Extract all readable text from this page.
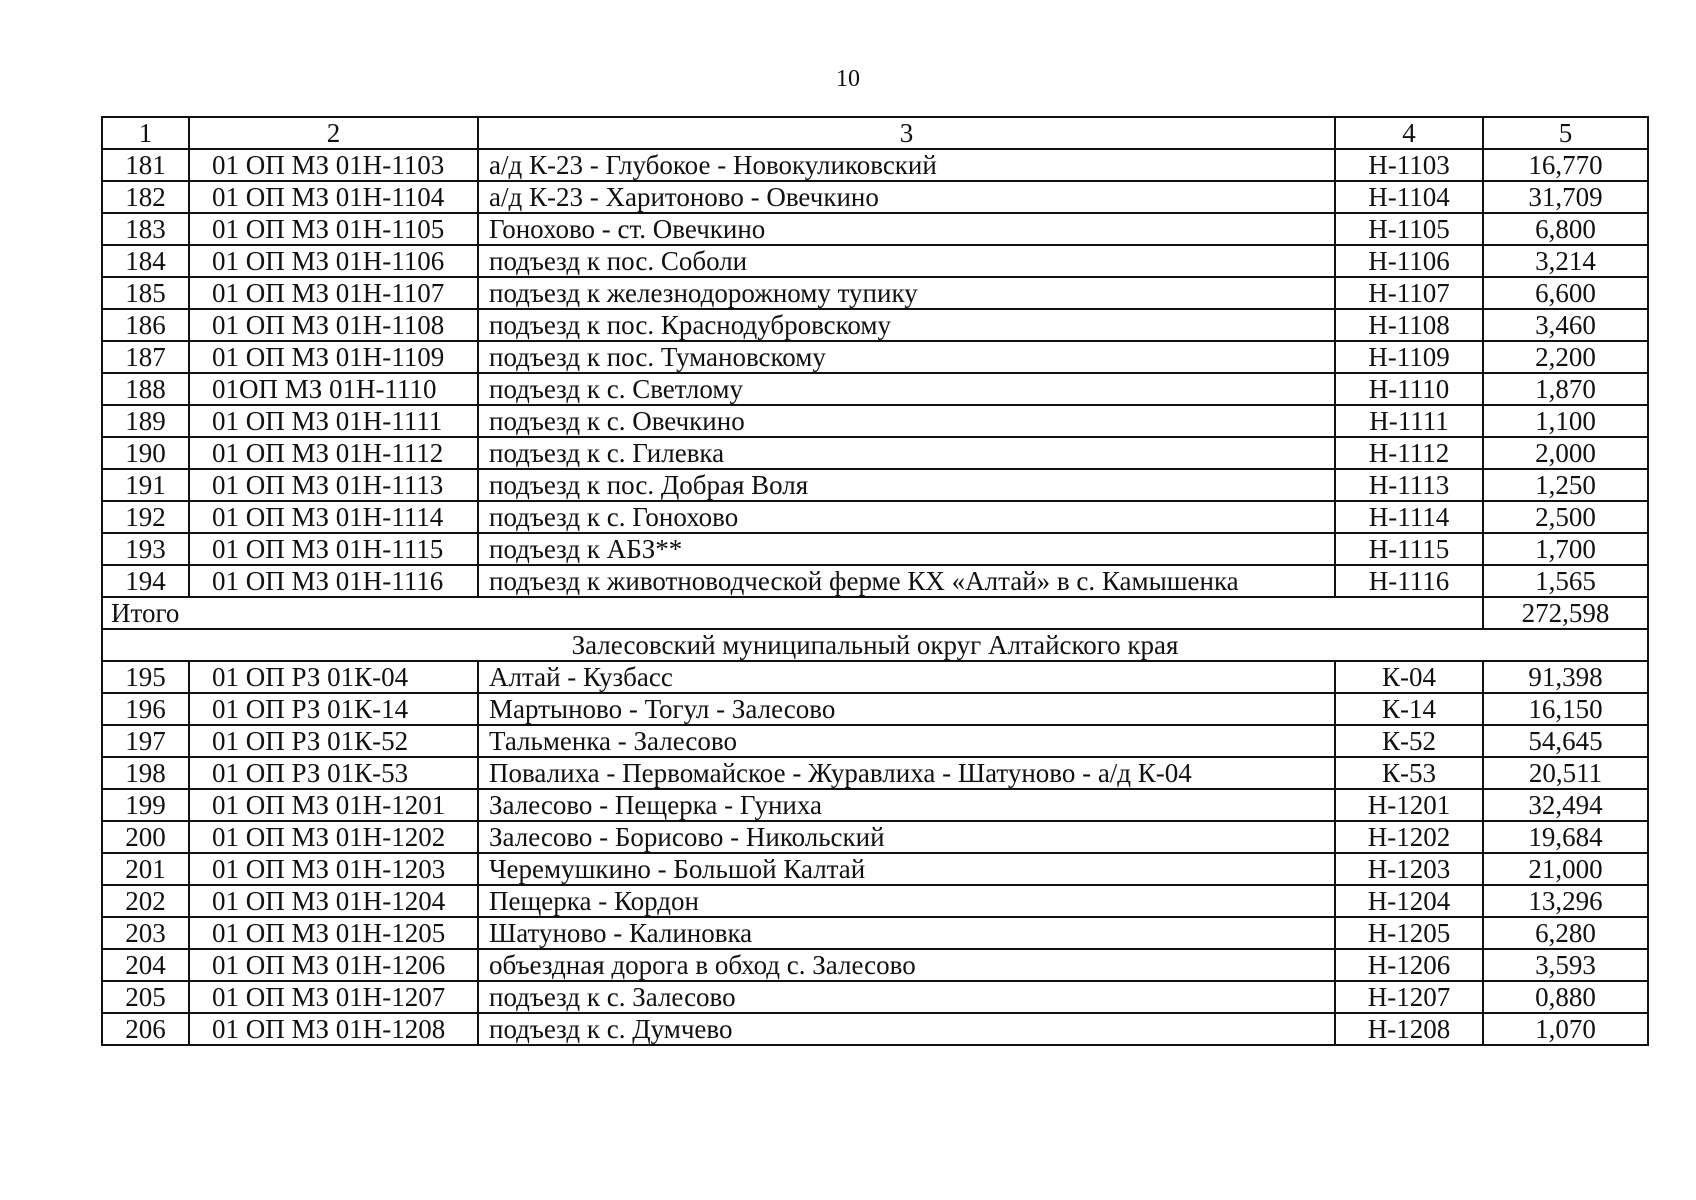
10
1	2	3	4	5
181	01 ОП МЗ 01Н-1103	а/д К-23 - Глубокое - Новокуликовский	Н-1103	16,770
182	01 ОП МЗ 01Н-1104	а/д К-23 - Харитоново - Овечкино	Н-1104	31,709
183	01 ОП МЗ 01Н-1105	Гонохово - ст. Овечкино	Н-1105	6,800
184	01 ОП МЗ 01Н-1106	подъезд к пос. Соболи	Н-1106	3,214
185	01 ОП МЗ 01Н-1107	подъезд к железнодорожному тупику	Н-1107	6,600
186	01 ОП МЗ 01Н-1108	подъезд к пос. Краснодубровскому	Н-1108	3,460
187	01 ОП МЗ 01Н-1109	подъезд к пос. Тумановскому	Н-1109	2,200
188	01ОП МЗ 01Н-1110	подъезд к с. Светлому	Н-1110	1,870
189	01 ОП МЗ 01Н-1111	подъезд к с. Овечкино	Н-1111	1,100
190	01 ОП МЗ 01Н-1112	подъезд к с. Гилевка	Н-1112	2,000
191	01 ОП МЗ 01Н-1113	подъезд к пос. Добрая Воля	Н-1113	1,250
192	01 ОП МЗ 01Н-1114	подъезд к с. Гонохово	Н-1114	2,500
193	01 ОП МЗ 01Н-1115	подъезд к АБЗ**	Н-1115	1,700
194	01 ОП МЗ 01Н-1116	подъезд к животноводческой ферме КХ «Алтай» в с. Камышенка	Н-1116	1,565
Итого				272,598
Залесовский муниципальный округ Алтайского края				
195	01 ОП РЗ 01К-04	Алтай - Кузбасс	К-04	91,398
196	01 ОП РЗ 01К-14	Мартыново - Тогул - Залесово	К-14	16,150
197	01 ОП РЗ 01К-52	Тальменка - Залесово	К-52	54,645
198	01 ОП РЗ 01К-53	Повалиха - Первомайское - Журавлиха - Шатуново - а/д К-04	К-53	20,511
199	01 ОП МЗ 01Н-1201	Залесово - Пещерка - Гуниха	Н-1201	32,494
200	01 ОП МЗ 01Н-1202	Залесово - Борисово - Никольский	Н-1202	19,684
201	01 ОП МЗ 01Н-1203	Черемушкино - Большой Калтай	Н-1203	21,000
202	01 ОП МЗ 01Н-1204	Пещерка - Кордон	Н-1204	13,296
203	01 ОП МЗ 01Н-1205	Шатуново - Калиновка	Н-1205	6,280
204	01 ОП МЗ 01Н-1206	объездная дорога в обход с. Залесово	Н-1206	3,593
205	01 ОП МЗ 01Н-1207	подъезд к с. Залесово	Н-1207	0,880
206	01 ОП МЗ 01Н-1208	подъезд к с. Думчево	Н-1208	1,070
